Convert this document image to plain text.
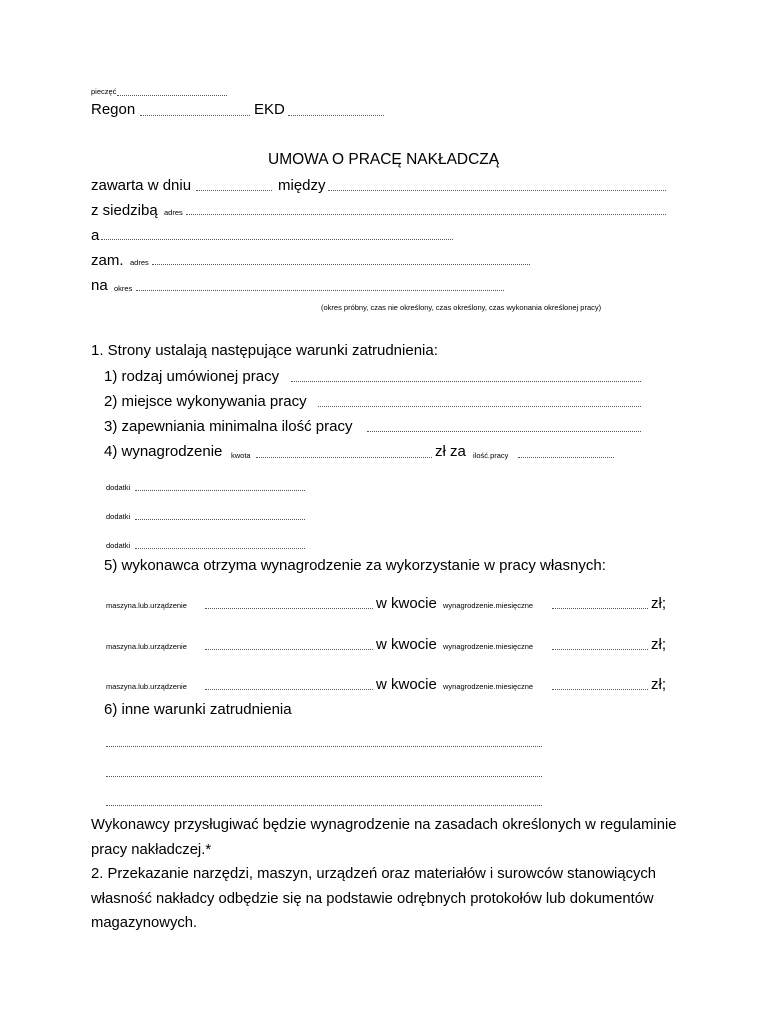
pieczęć
Regon	EKD
UMOWA O PRACĘ NAKŁADCZĄ
zawarta w dniu	między
z siedzibą adres
a
zam. adres
na okres
(okres próbny, czas nie określony, czas określony, czas wykonania określonej pracy)
1. Strony ustalają następujące warunki zatrudnienia:
1) rodzaj umówionej pracy
2) miejsce wykonywania pracy
3) zapewniania minimalna ilość pracy
4) wynagrodzenie kwota	zł za ilość.pracy
dodatki
dodatki
dodatki
5) wykonawca otrzyma wynagrodzenie za wykorzystanie w pracy własnych:
maszyna.lub.urządzenie	w kwocie wynagrodzenie.miesięczne	zł;
maszyna.lub.urządzenie	w kwocie wynagrodzenie.miesięczne	zł;
maszyna.lub.urządzenie	w kwocie wynagrodzenie.miesięczne	zł;
6) inne warunki zatrudnienia
Wykonawcy przysługiwać będzie wynagrodzenie na zasadach określonych w regulaminie pracy nakładczej.*
2. Przekazanie narzędzi, maszyn, urządzeń oraz materiałów i surowców stanowiących własność nakładcy odbędzie się na podstawie odrębnych protokołów lub dokumentów magazynowych.
